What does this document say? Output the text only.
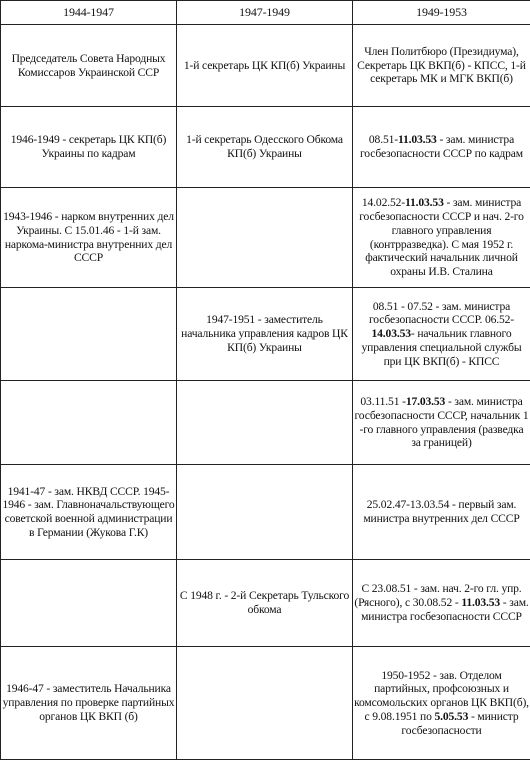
1944-1947	1947-1949	1949-1953

Председатель Совета Народных Комиссаров Украинской ССР	1-й секретарь ЦК КП(б) Украины	Член Политбюро (Президиума), Секретарь ЦК ВКП(б) - КПСС, 1-й секретарь МК и МГК ВКП(б)

1946-1949 - секретарь ЦК КП(б) Украины по кадрам	1-й секретарь Одесского Обкома КП(б) Украины	08.51-11.03.53 - зам. министра госбезопасности СССР по кадрам

1943-1946 - нарком внутренних дел Украины. С 15.01.46 - 1-й зам. наркома-министра внутренних дел СССР		14.02.52-11.03.53 - зам. министра госбезопасности СССР и нач. 2-го главного управления (контрразведка). С мая 1952 г. фактический начальник личной охраны И.В. Сталина

	1947-1951 - заместитель начальника управления кадров ЦК КП(б) Украины	08.51 - 07.52 - зам. министра госбезопасности СССР. 06.52-14.03.53- начальник главного управления специальной службы при ЦК ВКП(б) - КПСС

		03.11.51 -17.03.53 - зам. министра госбезопасности СССР, начальник 1 -го главного управления (разведка за границей)

1941-47 - зам. НКВД СССР. 1945-1946 - зам. Главноначальствующего советской военной администрации в Германии (Жукова Г.К)		25.02.47-13.03.54 - первый зам. министра внутренних дел СССР

	С 1948 г. - 2-й Секретарь Тульского обкома	С 23.08.51 - зам. нач. 2-го гл. упр. (Рясного), с 30.08.52 - 11.03.53 - зам. министра госбезопасности СССР

1946-47 - заместитель Начальника управления по проверке партийных органов ЦК ВКП (б)		1950-1952 - зав. Отделом партийных, профсоюзных и комсомольских органов ЦК ВКП(б), с 9.08.1951 по 5.05.53 - министр госбезопасности
